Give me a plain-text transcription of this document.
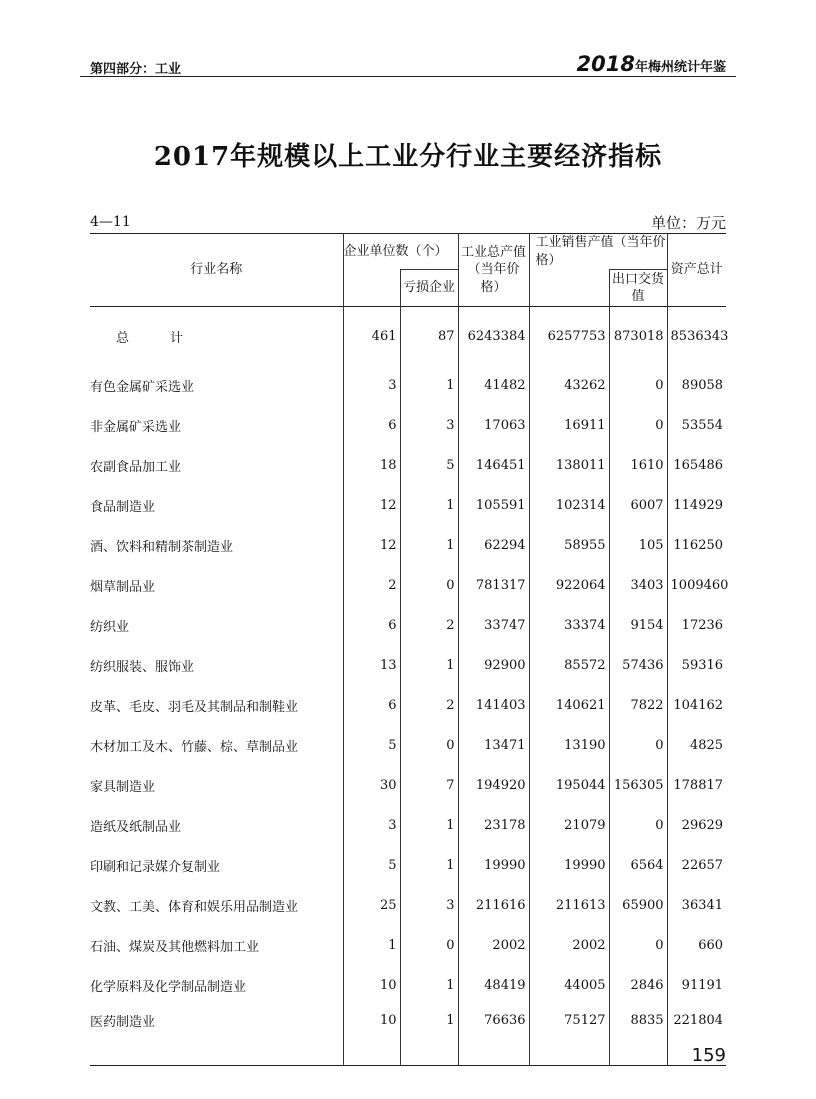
第四部分：工业	2018年梅州统计年鉴
2017年规模以上工业分行业主要经济指标
4—11	单位：万元
行业名称	企业单位数（个）		工业总产值（当年价格）	工业销售产值（当年价格）		资产总计
		亏损企业			出口交货值	
总　计	461	87	6243384	6257753	873018	8536343
有色金属矿采选业	3	1	41482	43262	0	89058
非金属矿采选业	6	3	17063	16911	0	53554
农副食品加工业	18	5	146451	138011	1610	165486
食品制造业	12	1	105591	102314	6007	114929
酒、饮料和精制茶制造业	12	1	62294	58955	105	116250
烟草制品业	2	0	781317	922064	3403	1009460
纺织业	6	2	33747	33374	9154	17236
纺织服装、服饰业	13	1	92900	85572	57436	59316
皮革、毛皮、羽毛及其制品和制鞋业	6	2	141403	140621	7822	104162
木材加工及木、竹藤、棕、草制品业	5	0	13471	13190	0	4825
家具制造业	30	7	194920	195044	156305	178817
造纸及纸制品业	3	1	23178	21079	0	29629
印刷和记录媒介复制业	5	1	19990	19990	6564	22657
文教、工美、体育和娱乐用品制造业	25	3	211616	211613	65900	36341
石油、煤炭及其他燃料加工业	1	0	2002	2002	0	660
化学原料及化学制品制造业	10	1	48419	44005	2846	91191
医药制造业	10	1	76636	75127	8835	221804

159
